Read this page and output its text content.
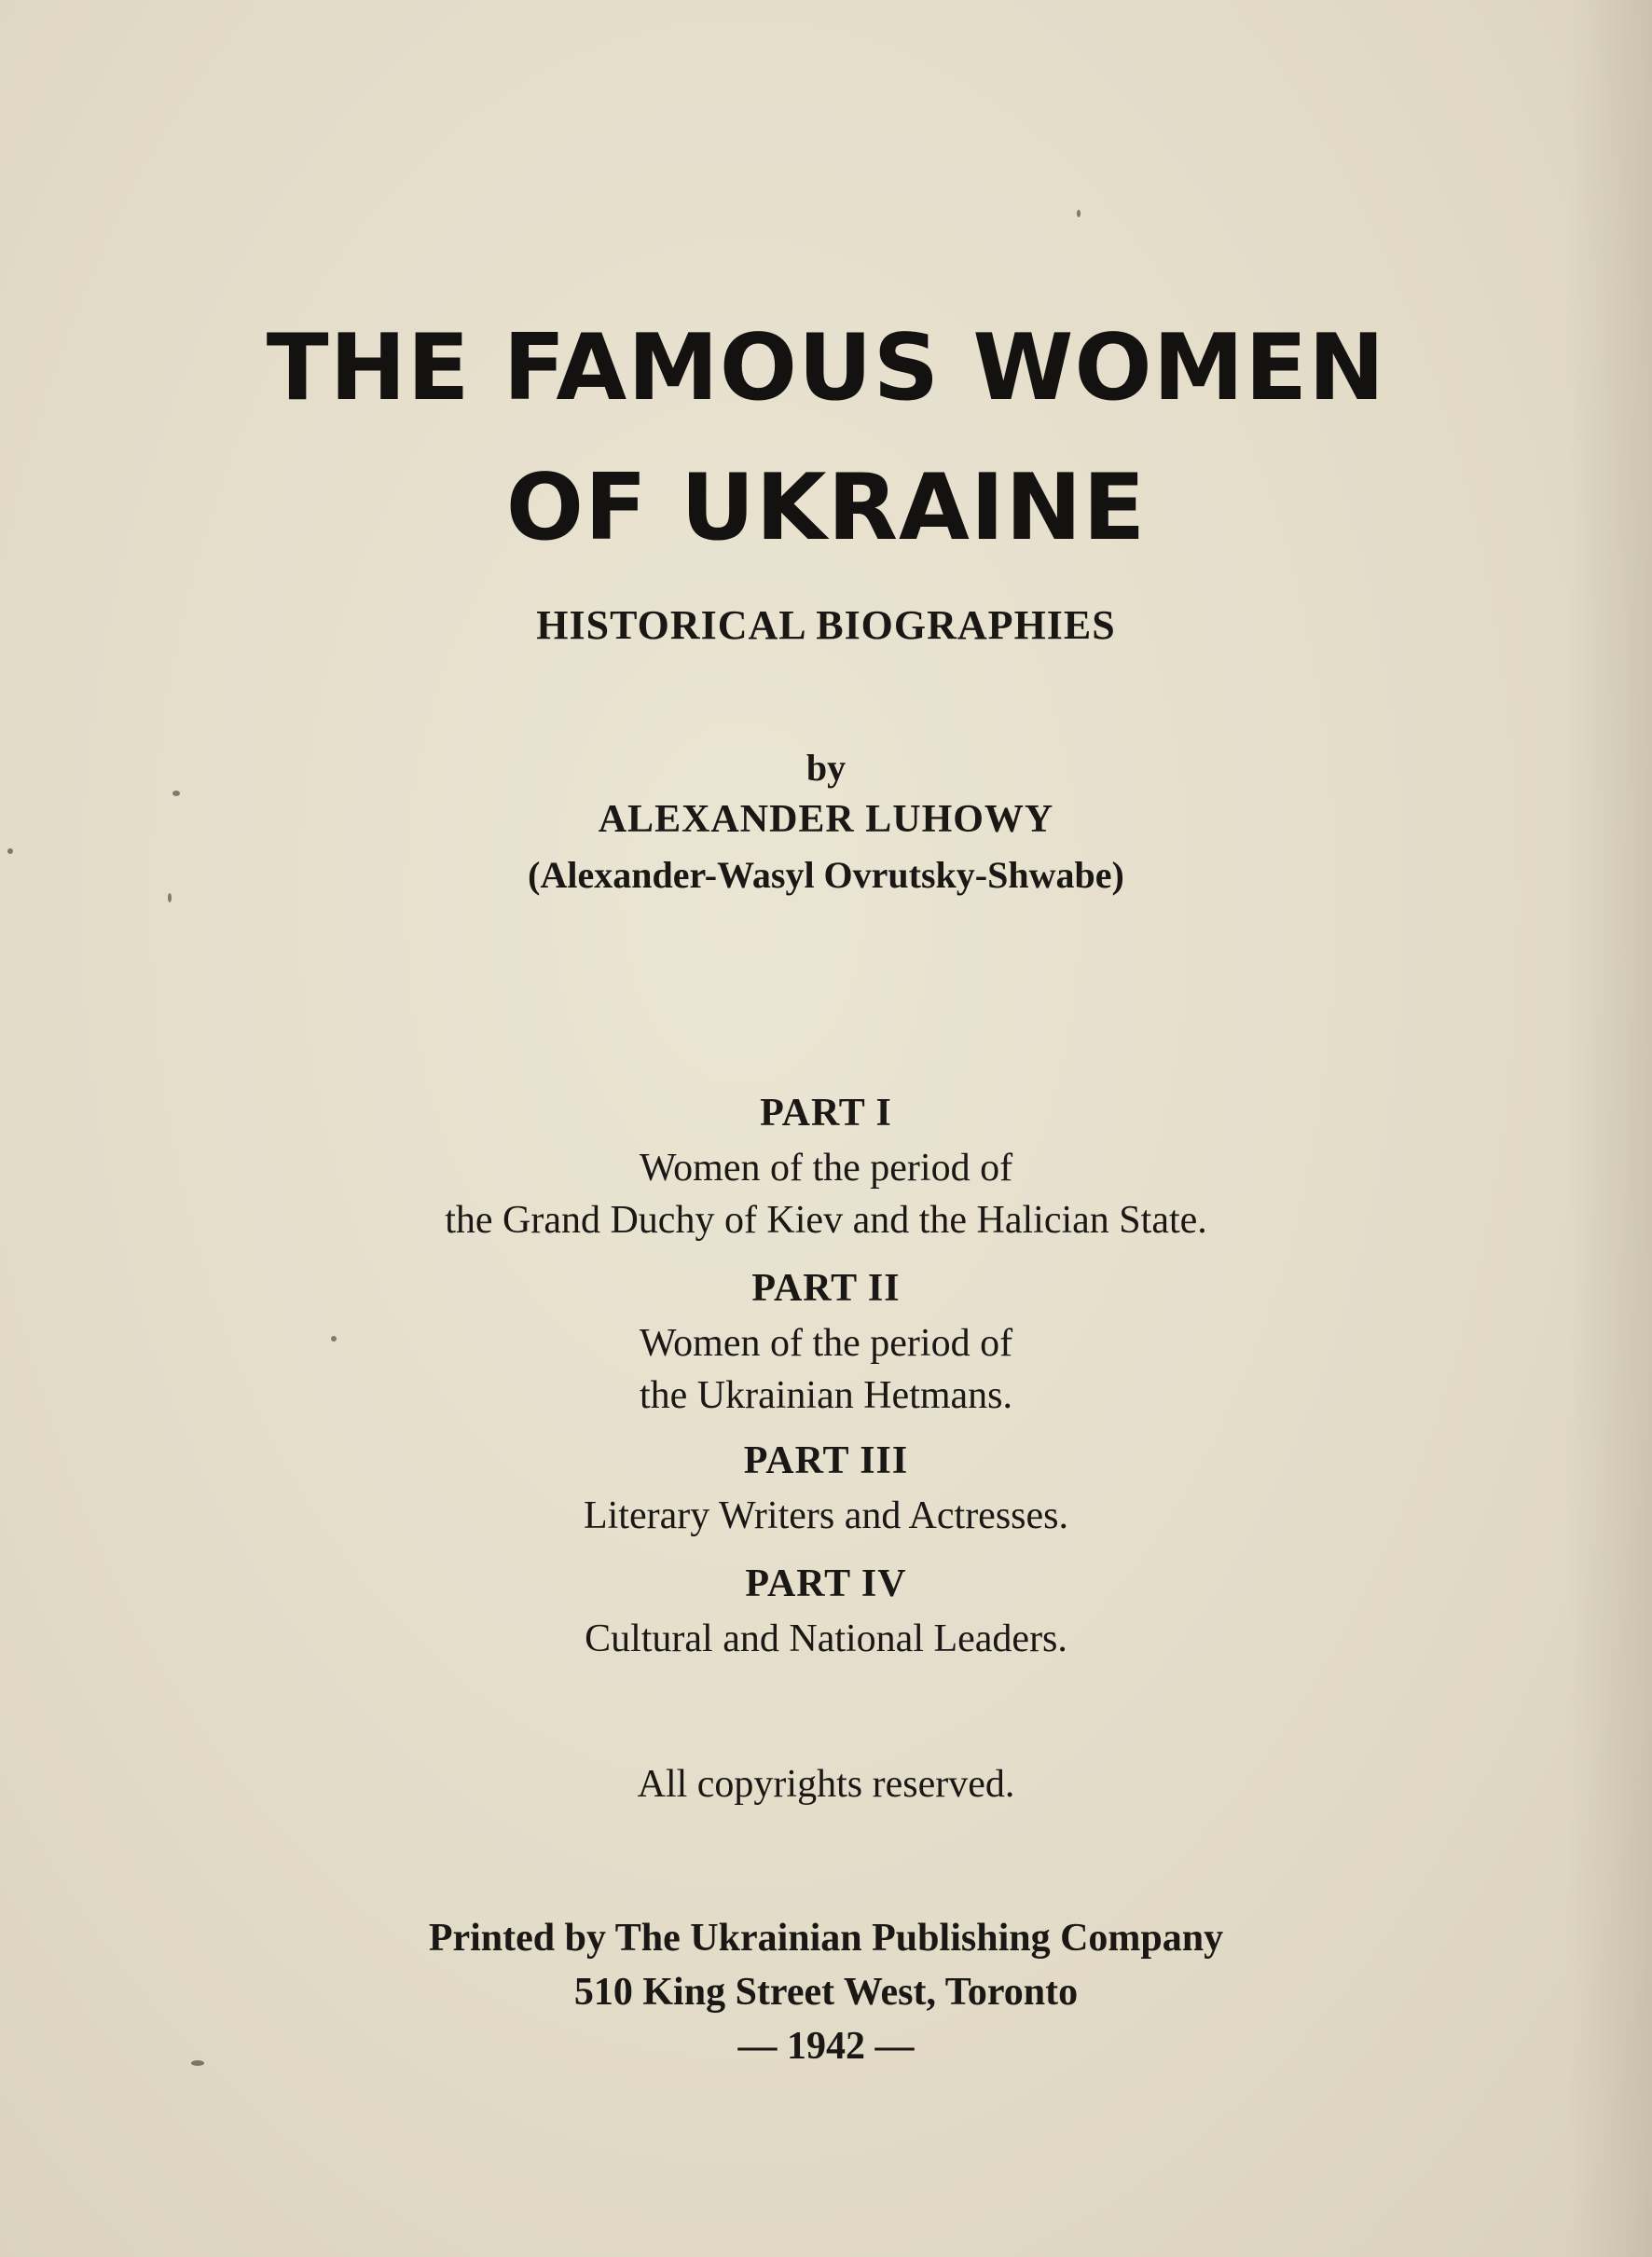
THE FAMOUS WOMEN
OF UKRAINE
HISTORICAL BIOGRAPHIES
by
ALEXANDER LUHOWY
(Alexander-Wasyl Ovrutsky-Shwabe)
PART I
Women of the period of
the Grand Duchy of Kiev and the Halician State.
PART II
Women of the period of
the Ukrainian Hetmans.
PART III
Literary Writers and Actresses.
PART IV
Cultural and National Leaders.
All copyrights reserved.
Printed by The Ukrainian Publishing Company
510 King Street West, Toronto
— 1942 —
